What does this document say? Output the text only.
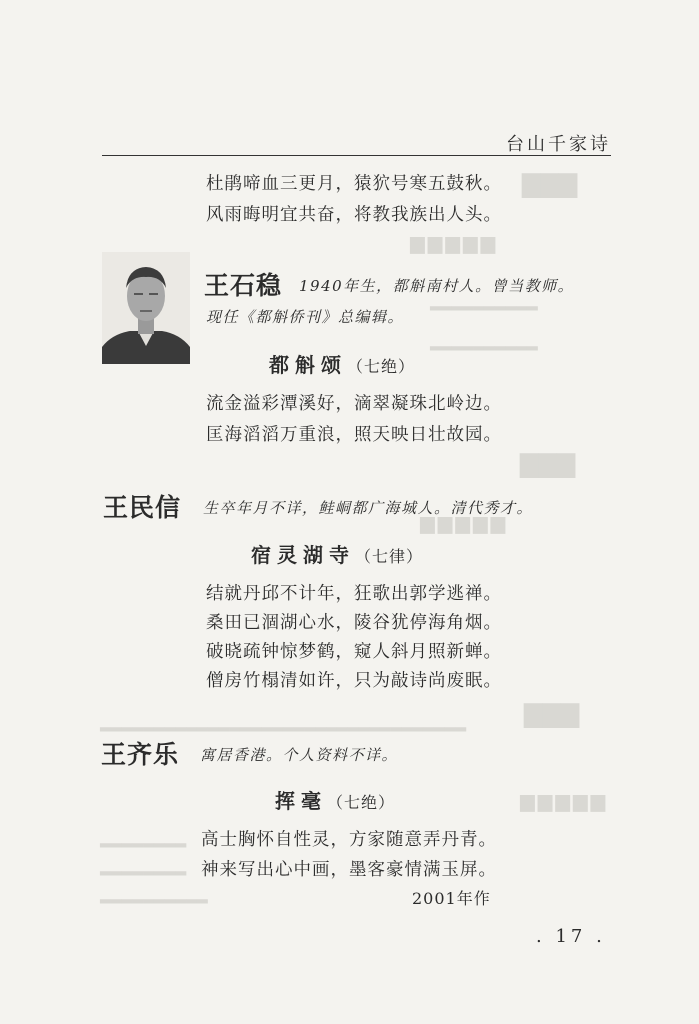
▇▇▇
▆▆▆▆▆
▂▂▂▂▂▂▂▂▂▂
▂▂▂▂▂▂▂▂▂▂
▇▇▇
▆▆▆▆▆
▇▇▇
▂▂▂▂▂▂▂▂▂▂▂▂▂▂▂▂▂▂▂▂▂▂▂▂▂▂▂▂▂▂▂▂▂▂
▆▆▆▆▆
▂▂▂▂▂▂▂▂
▂▂▂▂▂▂▂▂
▂▂▂▂▂▂▂▂▂▂
台山千家诗
杜鹃啼血三更月，猿狖号寒五鼓秋。
风雨晦明宜共奋，将教我族出人头。
王石稳 1940年生，都斛南村人。曾当教师。
现任《都斛侨刊》总编辑。
都斛颂（七绝）
流金溢彩潭溪好，滴翠凝珠北岭边。
匡海滔滔万重浪，照天映日壮故园。
王民信 生卒年月不详，鲑峒都广海城人。清代秀才。
宿灵湖寺（七律）
结就丹邱不计年，狂歌出郭学逃禅。
桑田已涸湖心水，陵谷犹停海角烟。
破晓疏钟惊梦鹤，窥人斜月照新蝉。
僧房竹榻清如许，只为敲诗尚废眠。
王齐乐 寓居香港。个人资料不详。
挥毫（七绝）
高士胸怀自性灵，方家随意弄丹青。
神来写出心中画，墨客豪情满玉屏。
2001年作
. 17 .
